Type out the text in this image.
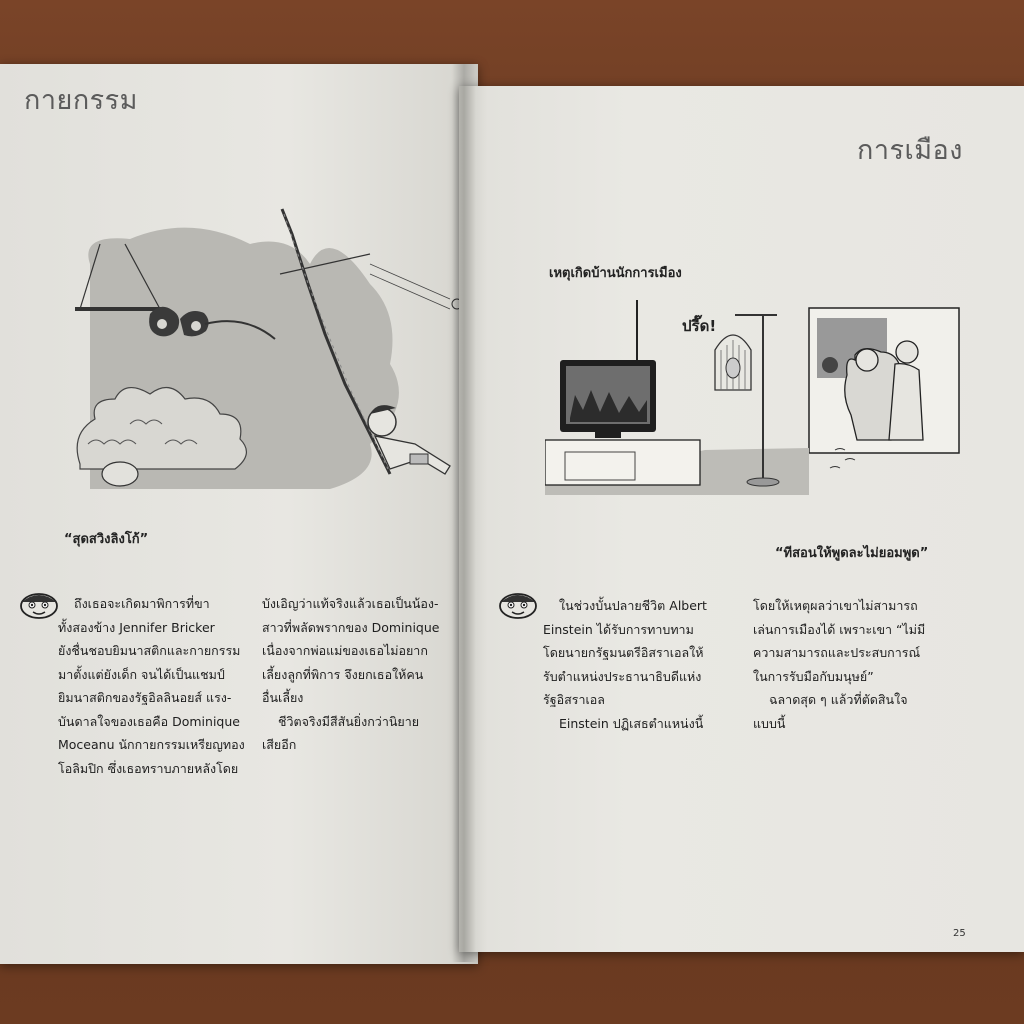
กายกรรม
“สุดสวิงลิงโก้”
ถึงเธอจะเกิดมาพิการที่ขา
ทั้งสองข้าง Jennifer Bricker
ยังชื่นชอบยิมนาสติกและกายกรรม
มาตั้งแต่ยังเด็ก จนได้เป็นแชมป์
ยิมนาสติกของรัฐอิลลินอยส์ แรง-
บันดาลใจของเธอคือ Dominique
Moceanu นักกายกรรมเหรียญทอง
โอลิมปิก ซึ่งเธอทราบภายหลังโดย
บังเอิญว่าแท้จริงแล้วเธอเป็นน้อง-
สาวที่พลัดพรากของ Dominique
เนื่องจากพ่อแม่ของเธอไม่อยาก
เลี้ยงลูกที่พิการ จึงยกเธอให้คน
อื่นเลี้ยง
ชีวิตจริงมีสีสันยิ่งกว่านิยาย
เสียอีก
การเมือง
เหตุเกิดบ้านนักการเมือง
ปรี๊ด!
“ทีสอนให้พูดละไม่ยอมพูด”
ในช่วงบั้นปลายชีวิต Albert
Einstein ได้รับการทาบทาม
โดยนายกรัฐมนตรีอิสราเอลให้
รับตำแหน่งประธานาธิบดีแห่ง
รัฐอิสราเอล
Einstein ปฏิเสธตำแหน่งนี้
โดยให้เหตุผลว่าเขาไม่สามารถ
เล่นการเมืองได้ เพราะเขา “ไม่มี
ความสามารถและประสบการณ์
ในการรับมือกับมนุษย์”
ฉลาดสุด ๆ แล้วที่ตัดสินใจ
แบบนี้
25
